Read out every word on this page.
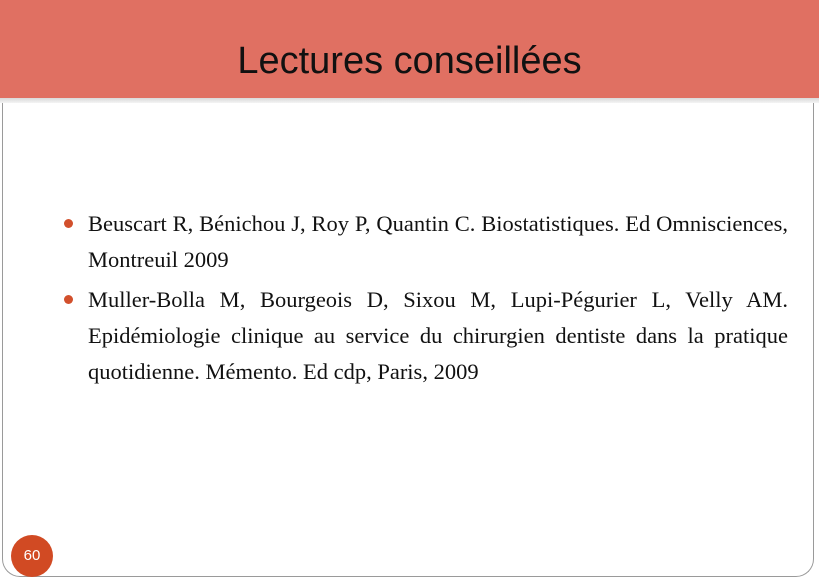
Lectures conseillées
Beuscart R, Bénichou J, Roy P, Quantin C. Biostatistiques. Ed Omnisciences, Montreuil 2009
Muller-Bolla M, Bourgeois D, Sixou M, Lupi-Pégurier L, Velly AM. Epidémiologie clinique au service du chirurgien dentiste dans la pratique quotidienne. Mémento. Ed cdp, Paris, 2009
60
